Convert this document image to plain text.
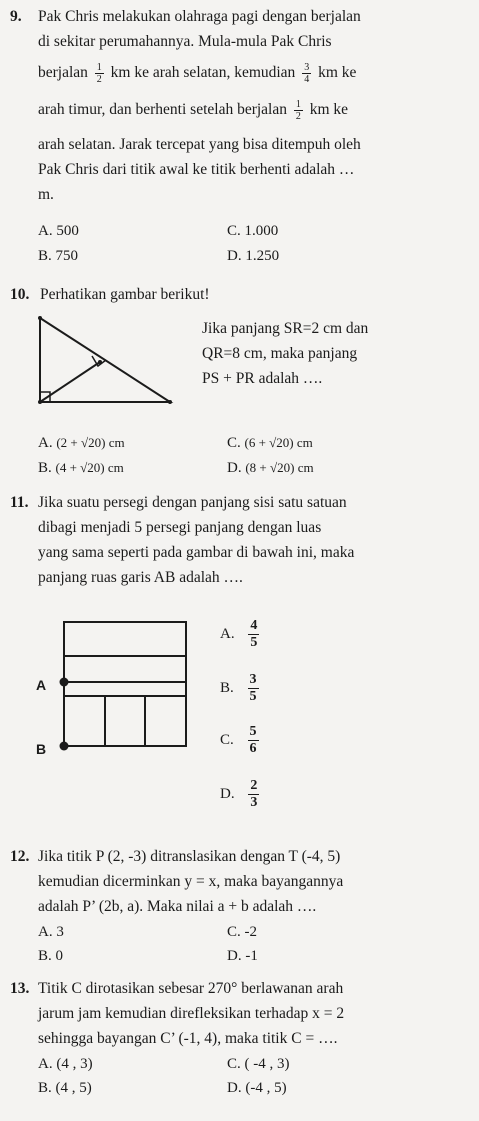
9. Pak Chris melakukan olahraga pagi dengan berjalan

di sekitar perumahannya. Mula-mula Pak Chris

berjalan $\frac{1}{2}$ km ke arah selatan, kemudian $\frac{3}{4}$ km ke

arah timur, dan berhenti setelah berjalan $\frac{1}{2}$ km ke

arah selatan. Jarak tercepat yang bisa ditempuh oleh

Pak Chris dari titik awal ke titik berhenti adalah …

m.

A. 500	C. 1.000
B. 750	D. 1.250
10. Perhatikan gambar berikut!

Jika panjang SR=2 cm dan

QR=8 cm, maka panjang

PS + PR adalah ….

A. (2 + √20) cm	C. (6 + √20) cm
B. (4 + √20) cm	D. (8 + √20) cm
11. Jika suatu persegi dengan panjang sisi satu satuan

dibagi menjadi 5 persegi panjang dengan luas

yang sama seperti pada gambar di bawah ini, maka

panjang ruas garis AB adalah ….

A
B
A. $\frac{4}{5}$
B. $\frac{3}{5}$
C. $\frac{5}{6}$
D. $\frac{2}{3}$
12. Jika titik P (2, -3) ditranslasikan dengan T (-4, 5)

kemudian dicerminkan y = x, maka bayangannya

adalah P’ (2b, a). Maka nilai a + b adalah ….

A. 3	C. -2
B. 0	D. -1
13. Titik C dirotasikan sebesar 270° berlawanan arah

jarum jam kemudian direfleksikan terhadap x = 2

sehingga bayangan C’ (-1, 4), maka titik C = ….

A. (4 , 3)	C. ( -4 , 3)
B. (4 , 5)	D. (-4 , 5)
